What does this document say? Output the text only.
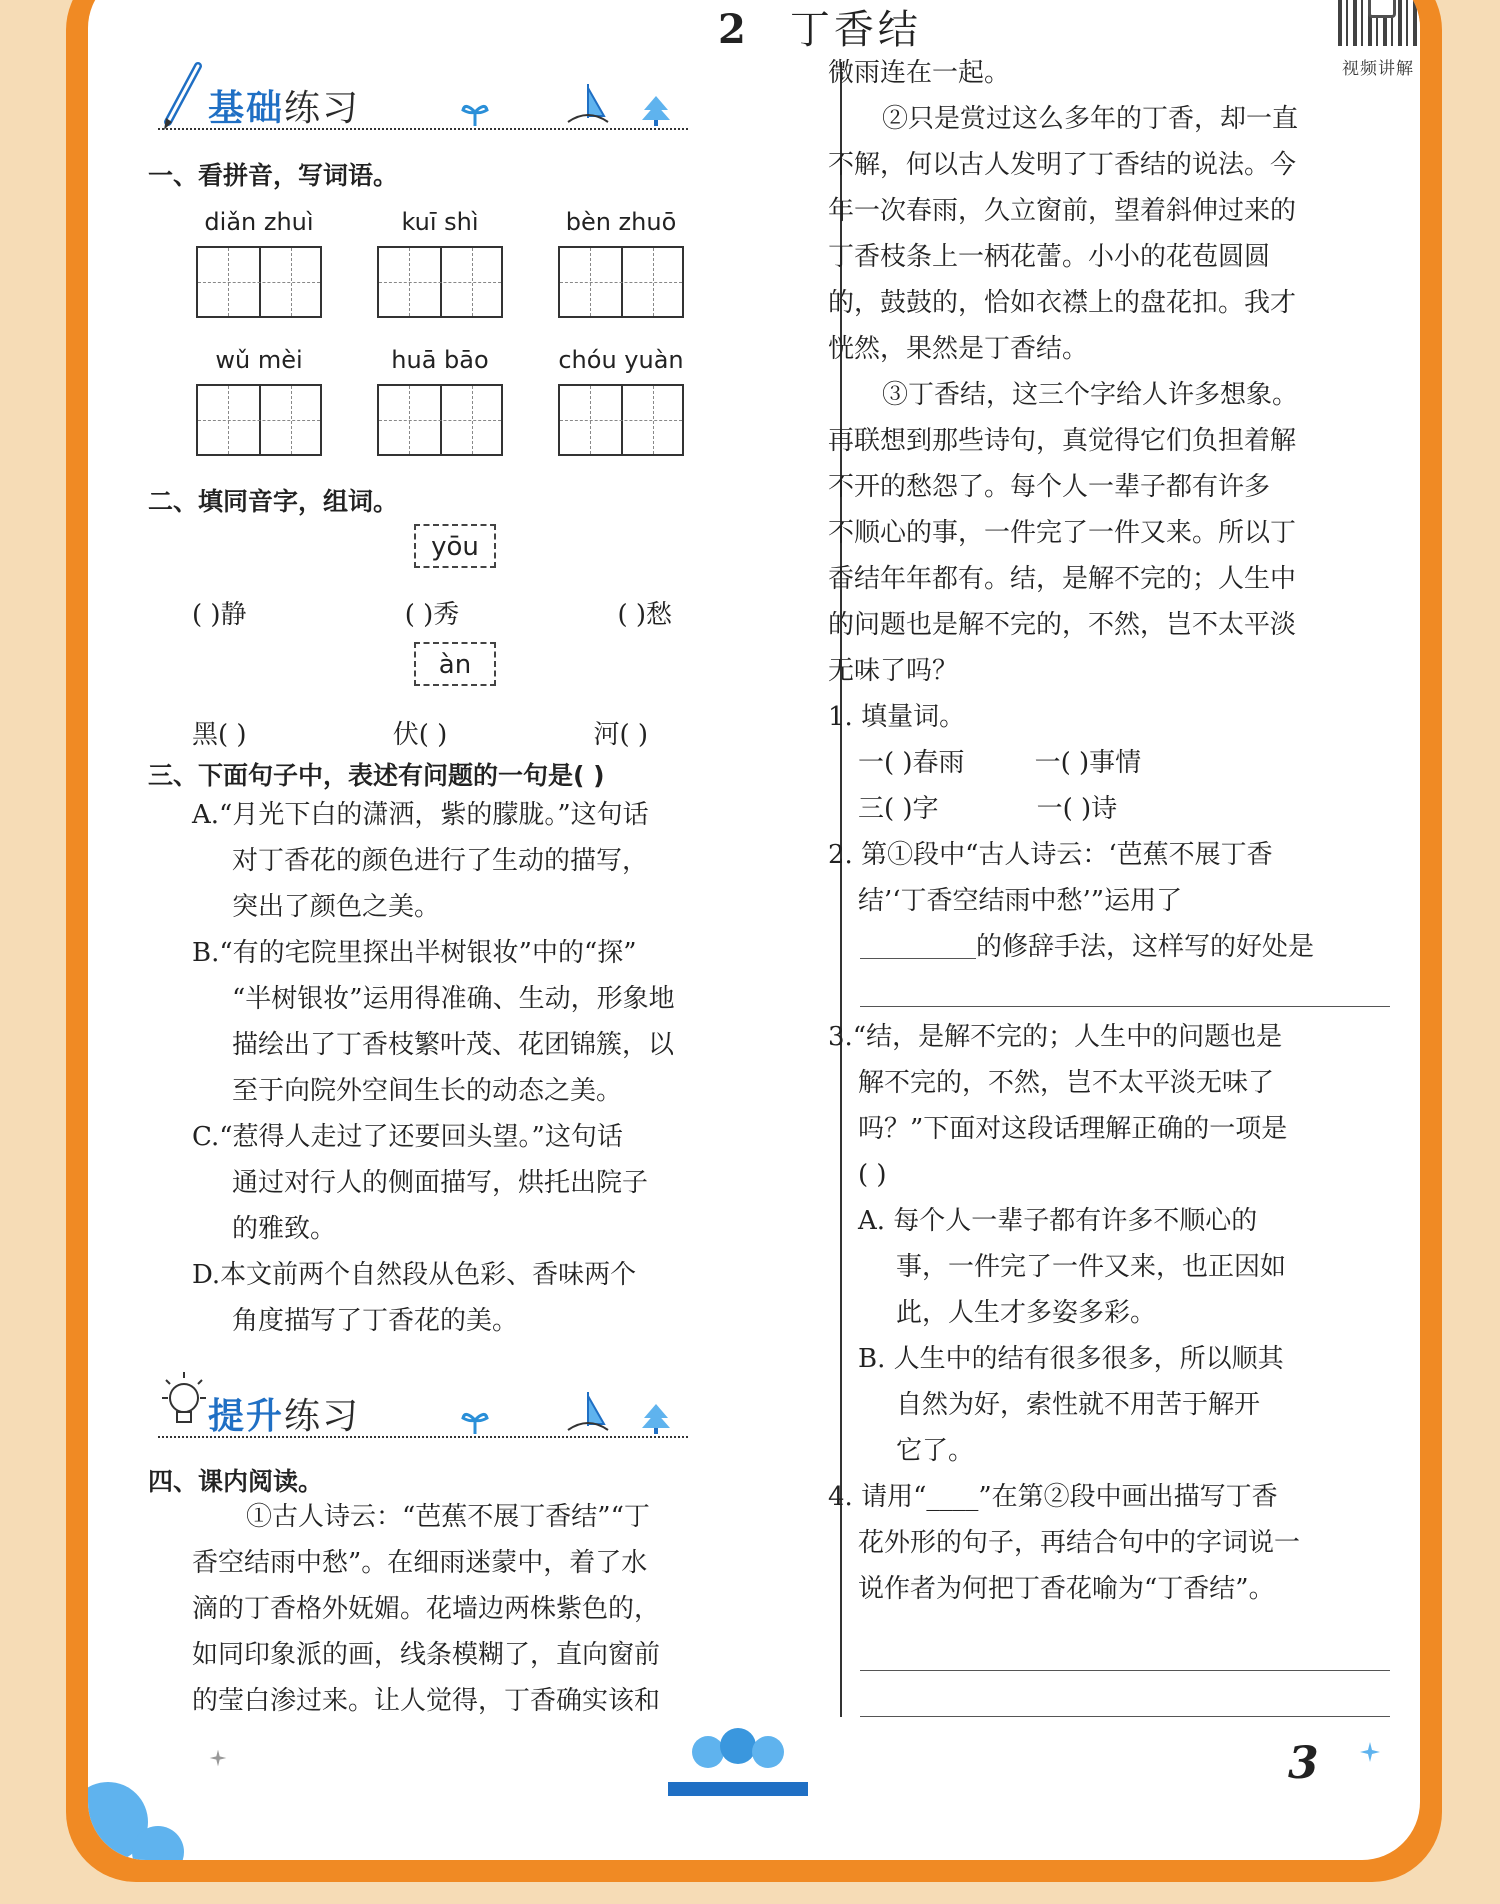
2 丁香结
视频讲解
基础练习
一、看拼音，写词语。
diǎn zhuì	kuī shì	bèn zhuō
wǔ mèi	huā bāo	chóu yuàn
二、填同音字，组词。
yōu
( )静	( )秀	( )愁
àn
黑( )	伏( )	河( )
三、下面句子中，表述有问题的一句是( )
A.“月光下白的潇洒，紫的朦胧。”这句话
对丁香花的颜色进行了生动的描写，
突出了颜色之美。
B.“有的宅院里探出半树银妆”中的“探”
“半树银妆”运用得准确、生动，形象地
描绘出了丁香枝繁叶茂、花团锦簇，以
至于向院外空间生长的动态之美。
C.“惹得人走过了还要回头望。”这句话
通过对行人的侧面描写，烘托出院子
的雅致。
D.本文前两个自然段从色彩、香味两个
角度描写了丁香花的美。
提升练习
四、课内阅读。
①古人诗云：“芭蕉不展丁香结”“丁
香空结雨中愁”。在细雨迷蒙中，着了水
滴的丁香格外妩媚。花墙边两株紫色的，
如同印象派的画，线条模糊了，直向窗前
的莹白渗过来。让人觉得，丁香确实该和
微雨连在一起。
②只是赏过这么多年的丁香，却一直
不解，何以古人发明了丁香结的说法。今
年一次春雨，久立窗前，望着斜伸过来的
丁香枝条上一柄花蕾。小小的花苞圆圆
的，鼓鼓的，恰如衣襟上的盘花扣。我才
恍然，果然是丁香结。
③丁香结，这三个字给人许多想象。
再联想到那些诗句，真觉得它们负担着解
不开的愁怨了。每个人一辈子都有许多
不顺心的事，一件完了一件又来。所以丁
香结年年都有。结，是解不完的；人生中
的问题也是解不完的，不然，岂不太平淡
无味了吗？
1. 填量词。
一( )春雨	一( )事情
三( )字	一( )诗
2. 第①段中“古人诗云：‘芭蕉不展丁香
结’‘丁香空结雨中愁’”运用了
的修辞手法，这样写的好处是
3.“结，是解不完的；人生中的问题也是
解不完的，不然，岂不太平淡无味了
吗？”下面对这段话理解正确的一项是
( )
A. 每个人一辈子都有许多不顺心的
事，一件完了一件又来，也正因如
此，人生才多姿多彩。
B. 人生中的结有很多很多，所以顺其
自然为好，索性就不用苦于解开
它了。
4. 请用“____”在第②段中画出描写丁香
花外形的句子，再结合句中的字词说一
说作者为何把丁香花喻为“丁香结”。
3
